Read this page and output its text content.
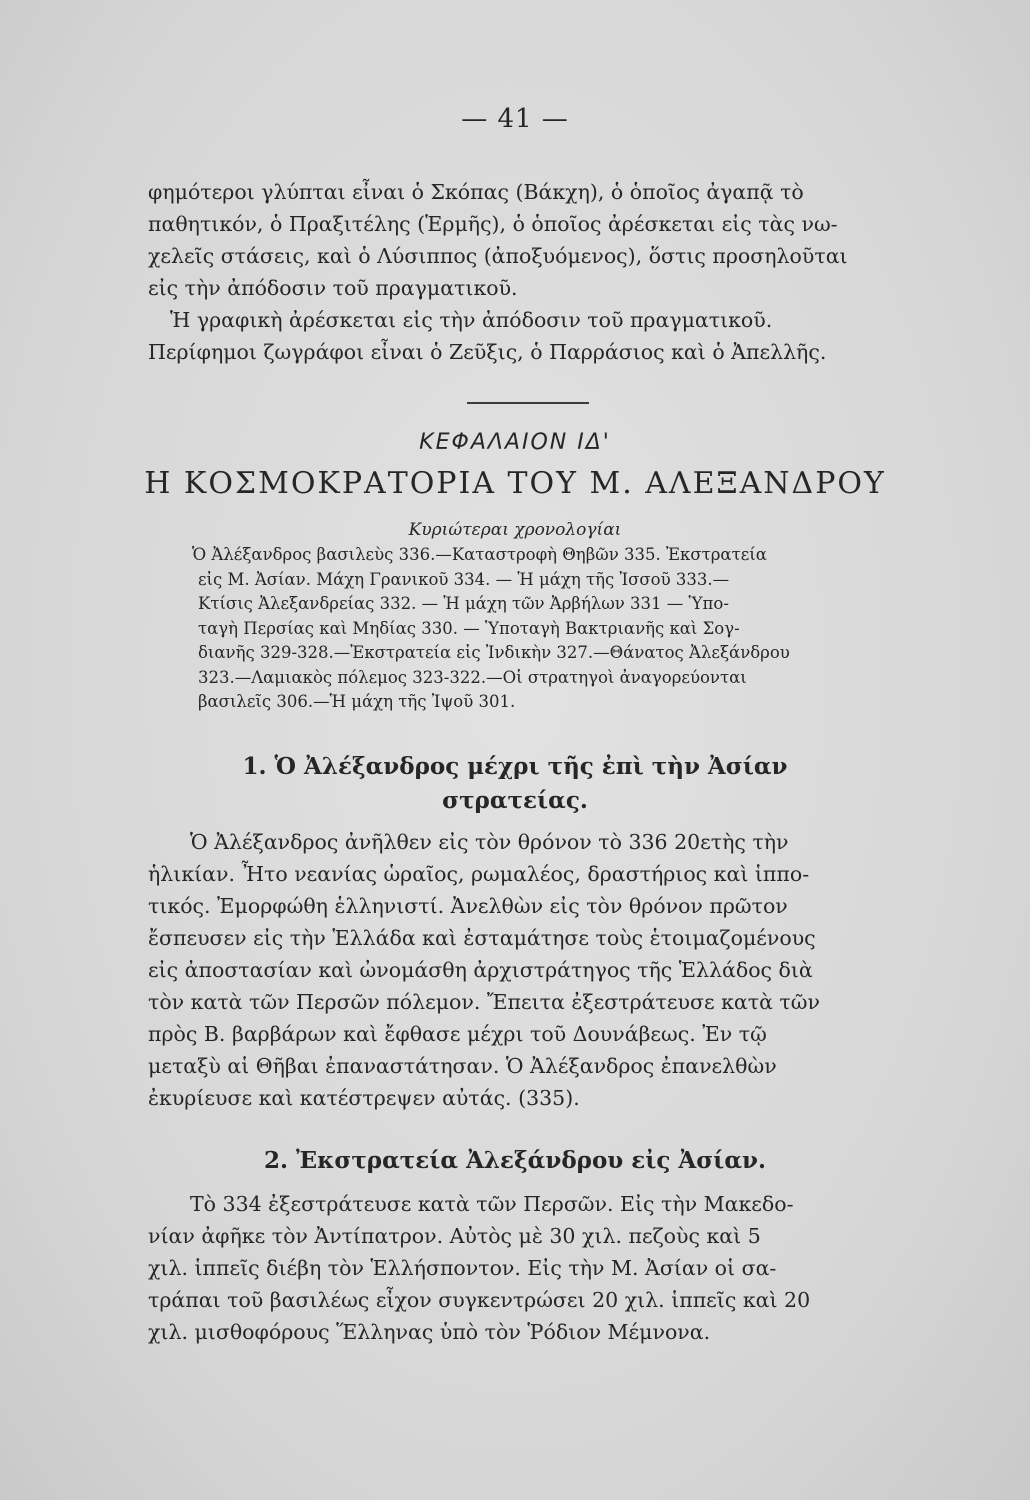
— 41 —

φημότεροι γλύπται εἶναι ὁ Σκόπας (Βάκχη), ὁ ὁποῖος ἀγαπᾷ τὸ

παθητικόν, ὁ Πραξιτέλης (Ἑρμῆς), ὁ ὁποῖος ἀρέσκεται εἰς τὰς νω-

χελεῖς στάσεις, καὶ ὁ Λύσιππος (ἀποξυόμενος), ὅστις προσηλοῦται

εἰς τὴν ἀπόδοσιν τοῦ πραγματικοῦ.

Ἡ γραφικὴ ἀρέσκεται εἰς τὴν ἀπόδοσιν τοῦ πραγματικοῦ.

Περίφημοι ζωγράφοι εἶναι ὁ Ζεῦξις, ὁ Παρράσιος καὶ ὁ Ἀπελλῆς.

ΚΕΦΑΛΑΙΟΝ ΙΔ'
Η ΚΟΣΜΟΚΡΑΤΟΡΙΑ ΤΟΥ Μ. ΑΛΕΞΑΝΔΡΟΥ
Κυριώτεραι χρονολογίαι
Ὁ Ἀλέξανδρος βασιλεὺς 336.—Καταστροφὴ Θηβῶν 335. Ἐκστρατεία
εἰς Μ. Ἀσίαν. Μάχη Γρανικοῦ 334. — Ἡ μάχη τῆς Ἰσσοῦ 333.—
Κτίσις Ἀλεξανδρείας 332. — Ἡ μάχη τῶν Ἀρβήλων 331 — Ὑπο-
ταγὴ Περσίας καὶ Μηδίας 330. — Ὑποταγὴ Βακτριανῆς καὶ Σογ-
διανῆς 329-328.—Ἐκστρατεία εἰς Ἰνδικὴν 327.—Θάνατος Ἀλεξάνδρου
323.—Λαμιακὸς πόλεμος 323-322.—Οἱ στρατηγοὶ ἀναγορεύονται
βασιλεῖς 306.—Ἡ μάχη τῆς Ἰψοῦ 301.
1. Ὁ Ἀλέξανδρος μέχρι τῆς ἐπὶ τὴν Ἀσίαν
στρατείας.

Ὁ Ἀλέξανδρος ἀνῆλθεν εἰς τὸν θρόνον τὸ 336 20ετὴς τὴν

ἡλικίαν. Ἦτο νεανίας ὡραῖος, ρωμαλέος, δραστήριος καὶ ἱππο-

τικός. Ἐμορφώθη ἑλληνιστί. Ἀνελθὼν εἰς τὸν θρόνον πρῶτον

ἔσπευσεν εἰς τὴν Ἑλλάδα καὶ ἐσταμάτησε τοὺς ἑτοιμαζομένους

εἰς ἀποστασίαν καὶ ὠνομάσθη ἀρχιστράτηγος τῆς Ἑλλάδος διὰ

τὸν κατὰ τῶν Περσῶν πόλεμον. Ἔπειτα ἐξεστράτευσε κατὰ τῶν

πρὸς Β. βαρβάρων καὶ ἔφθασε μέχρι τοῦ Δουνάβεως. Ἐν τῷ

μεταξὺ αἱ Θῆβαι ἐπαναστάτησαν. Ὁ Ἀλέξανδρος ἐπανελθὼν

ἐκυρίευσε καὶ κατέστρεψεν αὐτάς. (335).

2. Ἐκστρατεία Ἀλεξάνδρου εἰς Ἀσίαν.

Τὸ 334 ἐξεστράτευσε κατὰ τῶν Περσῶν. Εἰς τὴν Μακεδο-

νίαν ἀφῆκε τὸν Ἀντίπατρον. Αὐτὸς μὲ 30 χιλ. πεζοὺς καὶ 5

χιλ. ἱππεῖς διέβη τὸν Ἑλλήσποντον. Εἰς τὴν Μ. Ἀσίαν οἱ σα-

τράπαι τοῦ βασιλέως εἶχον συγκεντρώσει 20 χιλ. ἱππεῖς καὶ 20

χιλ. μισθοφόρους Ἕλληνας ὑπὸ τὸν Ῥόδιον Μέμνονα.
